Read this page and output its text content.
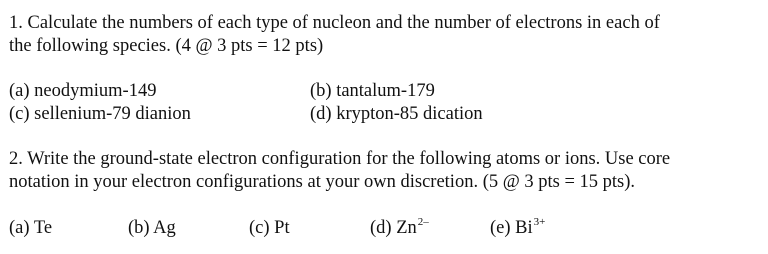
1. Calculate the numbers of each type of nucleon and the number of electrons in each of
the following species. (4 @ 3 pts = 12 pts)
(a) neodymium-149	(b) tantalum-179
(c) sellenium-79 dianion	(d) krypton-85 dication
2. Write the ground-state electron configuration for the following atoms or ions. Use core
notation in your electron configurations at your own discretion. (5 @ 3 pts = 15 pts).
(a) Te	(b) Ag	(c) Pt	(d) $Zn^{2-}$	(e) $Bi^{3+}$
